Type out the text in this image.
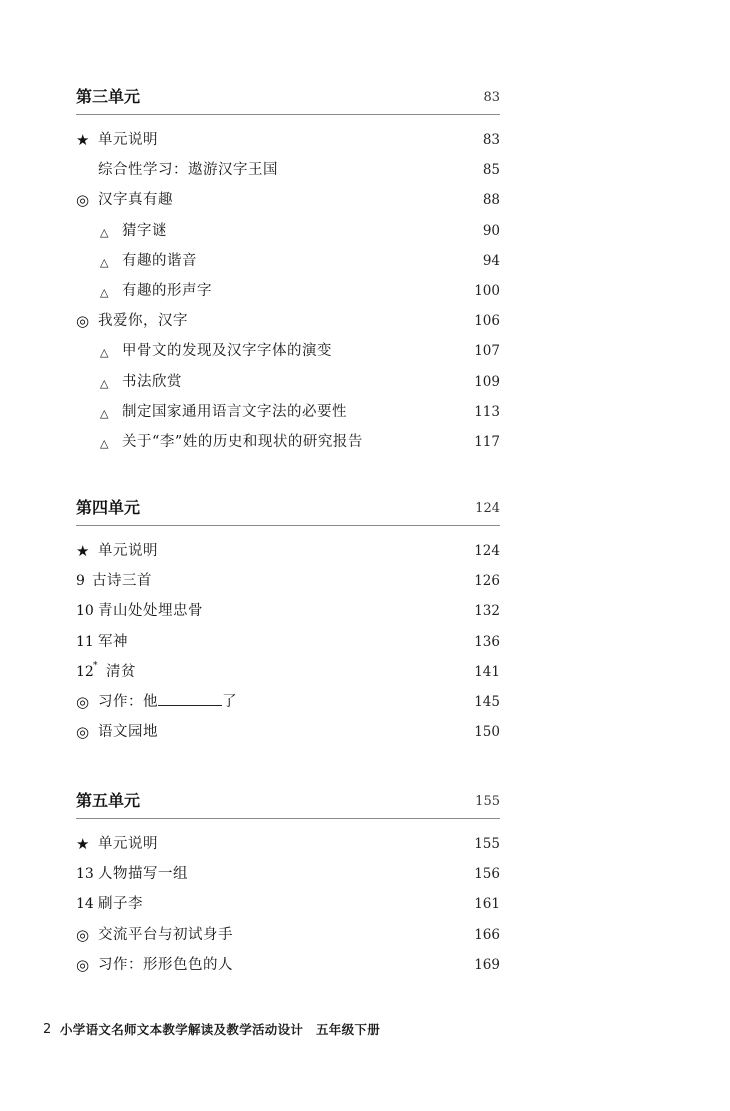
第三单元	83
★ 单元说明	83
综合性学习：遨游汉字王国	85
◎ 汉字真有趣	88
△ 猜字谜	90
△ 有趣的谐音	94
△ 有趣的形声字	100
◎ 我爱你，汉字	106
△ 甲骨文的发现及汉字字体的演变	107
△ 书法欣赏	109
△ 制定国家通用语言文字法的必要性	113
△ 关于“李”姓的历史和现状的研究报告	117
第四单元	124
★ 单元说明	124
9 古诗三首	126
10 青山处处埋忠骨	132
11 军神	136
12 * 清贫	141
◎ 习作：他	了	145
◎ 语文园地	150
第五单元	155
★ 单元说明	155
13 人物描写一组	156
14 刷子李	161
◎ 交流平台与初试身手	166
◎ 习作：形形色色的人	169
2 小学语文名师文本教学解读及教学活动设计　五年级下册
